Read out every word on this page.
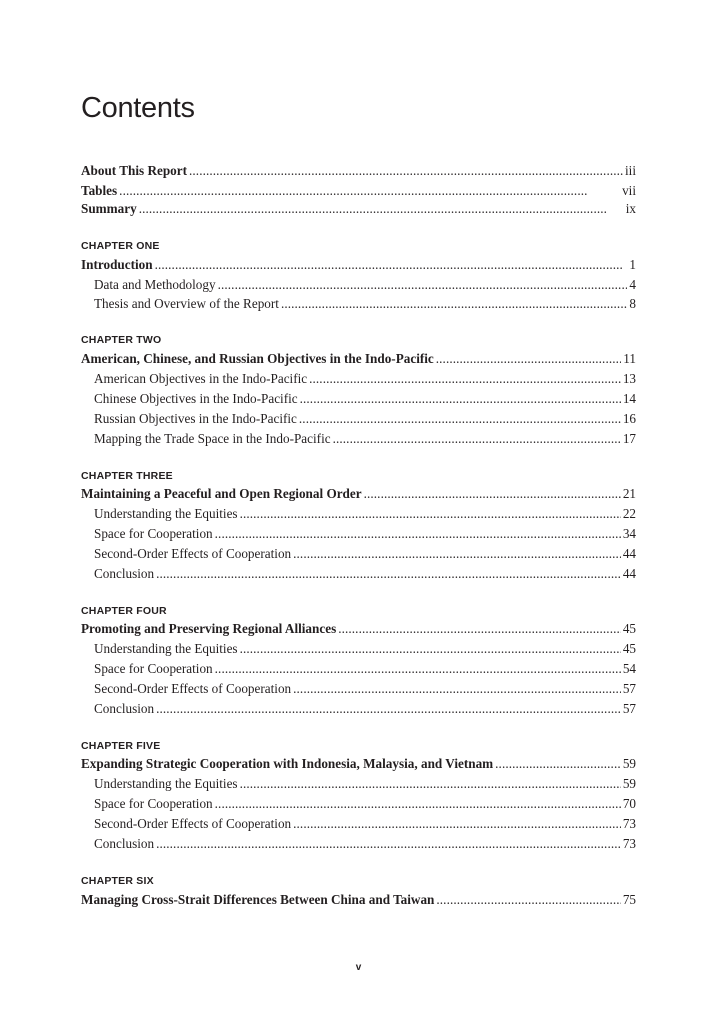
Contents
About This Report . . .	iii
Tables . . .	vii
Summary . . .	ix
CHAPTER ONE
Introduction . . .	1
Data and Methodology . . .	4
Thesis and Overview of the Report . . .	8
CHAPTER TWO
American, Chinese, and Russian Objectives in the Indo-Pacific . . .	11
American Objectives in the Indo-Pacific . . .	13
Chinese Objectives in the Indo-Pacific . . .	14
Russian Objectives in the Indo-Pacific . . .	16
Mapping the Trade Space in the Indo-Pacific . . .	17
CHAPTER THREE
Maintaining a Peaceful and Open Regional Order . . .	21
Understanding the Equities . . .	22
Space for Cooperation . . .	34
Second-Order Effects of Cooperation . . .	44
Conclusion . . .	44
CHAPTER FOUR
Promoting and Preserving Regional Alliances . . .	45
Understanding the Equities . . .	45
Space for Cooperation . . .	54
Second-Order Effects of Cooperation . . .	57
Conclusion . . .	57
CHAPTER FIVE
Expanding Strategic Cooperation with Indonesia, Malaysia, and Vietnam . . .	59
Understanding the Equities . . .	59
Space for Cooperation . . .	70
Second-Order Effects of Cooperation . . .	73
Conclusion . . .	73
CHAPTER SIX
Managing Cross-Strait Differences Between China and Taiwan . . .	75
v
